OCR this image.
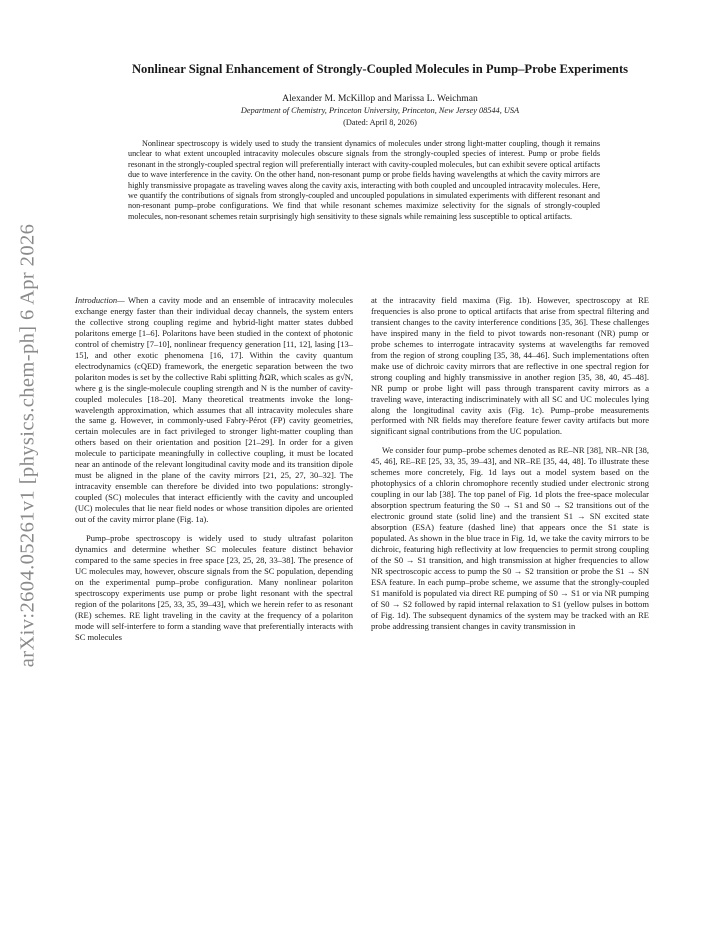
arXiv:2604.05261v1 [physics.chem-ph] 6 Apr 2026
Nonlinear Signal Enhancement of Strongly-Coupled Molecules in Pump–Probe Experiments
Alexander M. McKillop and Marissa L. Weichman
Department of Chemistry, Princeton University, Princeton, New Jersey 08544, USA
(Dated: April 8, 2026)

Nonlinear spectroscopy is widely used to study the transient dynamics of molecules under strong light-matter coupling, though it remains unclear to what extent uncoupled intracavity molecules obscure signals from the strongly-coupled species of interest. Pump or probe fields resonant in the strongly-coupled spectral region will preferentially interact with cavity-coupled molecules, but can exhibit severe optical artifacts due to wave interference in the cavity. On the other hand, non-resonant pump or probe fields having wavelengths at which the cavity mirrors are highly transmissive propagate as traveling waves along the cavity axis, interacting with both coupled and uncoupled intracavity molecules. Here, we quantify the contributions of signals from strongly-coupled and uncoupled populations in simulated experiments with different resonant and non-resonant pump–probe configurations. We find that while resonant schemes maximize selectivity for the signals of strongly-coupled molecules, non-resonant schemes retain surprisingly high sensitivity to these signals while remaining less susceptible to optical artifacts.

Introduction— When a cavity mode and an ensemble of intracavity molecules exchange energy faster than their individual decay channels, the system enters the collective strong coupling regime and hybrid-light matter states dubbed polaritons emerge [1–6]. Polaritons have been studied in the context of photonic control of chemistry [7–10], nonlinear frequency generation [11, 12], lasing [13–15], and other exotic phenomena [16, 17]. Within the cavity quantum electrodynamics (cQED) framework, the energetic separation between the two polariton modes is set by the collective Rabi splitting ℏΩR, which scales as g√N, where g is the single-molecule coupling strength and N is the number of cavity-coupled molecules [18–20]. Many theoretical treatments invoke the long-wavelength approximation, which assumes that all intracavity molecules share the same g. However, in commonly-used Fabry-Pérot (FP) cavity geometries, certain molecules are in fact privileged to stronger light-matter coupling than others based on their orientation and position [21–29]. In order for a given molecule to participate meaningfully in collective coupling, it must be located near an antinode of the relevant longitudinal cavity mode and its transition dipole must be aligned in the plane of the cavity mirrors [21, 25, 27, 30–32]. The intracavity ensemble can therefore be divided into two populations: strongly-coupled (SC) molecules that interact efficiently with the cavity and uncoupled (UC) molecules that lie near field nodes or whose transition dipoles are oriented out of the cavity mirror plane (Fig. 1a).

Pump–probe spectroscopy is widely used to study ultrafast polariton dynamics and determine whether SC molecules feature distinct behavior compared to the same species in free space [23, 25, 28, 33–38]. The presence of UC molecules may, however, obscure signals from the SC population, depending on the experimental pump–probe configuration. Many nonlinear polariton spectroscopy experiments use pump or probe light resonant with the spectral region of the polaritons [25, 33, 35, 39–43], which we herein refer to as resonant (RE) schemes. RE light traveling in the cavity at the frequency of a polariton mode will self-interfere to form a standing wave that preferentially interacts with SC molecules

at the intracavity field maxima (Fig. 1b). However, spectroscopy at RE frequencies is also prone to optical artifacts that arise from spectral filtering and transient changes to the cavity interference conditions [35, 36]. These challenges have inspired many in the field to pivot towards non-resonant (NR) pump or probe schemes to interrogate intracavity systems at wavelengths far removed from the region of strong coupling [35, 38, 44–46]. Such implementations often make use of dichroic cavity mirrors that are reflective in one spectral region for strong coupling and highly transmissive in another region [35, 38, 40, 45–48]. NR pump or probe light will pass through transparent cavity mirrors as a traveling wave, interacting indiscriminately with all SC and UC molecules lying along the longitudinal cavity axis (Fig. 1c). Pump–probe measurements performed with NR fields may therefore feature fewer cavity artifacts but more significant signal contributions from the UC population.

We consider four pump–probe schemes denoted as RE–NR [38], NR–NR [38, 45, 46], RE–RE [25, 33, 35, 39–43], and NR–RE [35, 44, 48]. To illustrate these schemes more concretely, Fig. 1d lays out a model system based on the photophysics of a chlorin chromophore recently studied under electronic strong coupling in our lab [38]. The top panel of Fig. 1d plots the free-space molecular absorption spectrum featuring the S0 → S1 and S0 → S2 transitions out of the electronic ground state (solid line) and the transient S1 → SN excited state absorption (ESA) feature (dashed line) that appears once the S1 state is populated. As shown in the blue trace in Fig. 1d, we take the cavity mirrors to be dichroic, featuring high reflectivity at low frequencies to permit strong coupling of the S0 → S1 transition, and high transmission at higher frequencies to allow NR spectroscopic access to pump the S0 → S2 transition or probe the S1 → SN ESA feature. In each pump–probe scheme, we assume that the strongly-coupled S1 manifold is populated via direct RE pumping of S0 → S1 or via NR pumping of S0 → S2 followed by rapid internal relaxation to S1 (yellow pulses in bottom of Fig. 1d). The subsequent dynamics of the system may be tracked with an RE probe addressing transient changes in cavity transmission in
